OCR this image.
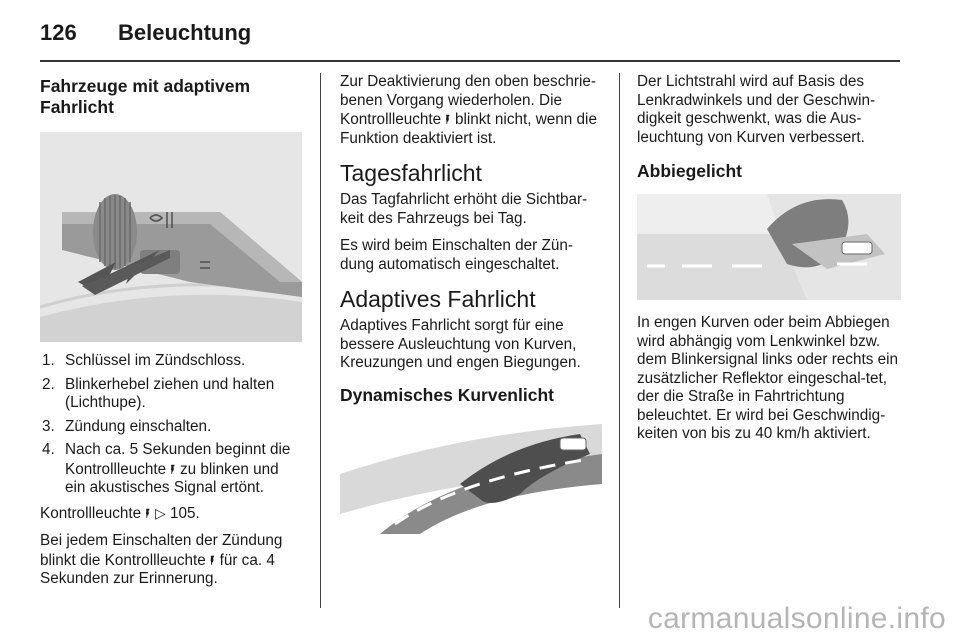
126 Beleuchtung
Fahrzeuge mit adaptivem Fahrlicht
1. Schlüssel im Zündschloss.
2. Blinkerhebel ziehen und halten (Lichthupe).
3. Zündung einschalten.
4. Nach ca. 5 Sekunden beginnt die Kontrollleuchte 🖡 zu blinken und ein akustisches Signal ertönt.

Kontrollleuchte 🖡 ▷ 105.

Bei jedem Einschalten der Zündung blinkt die Kontrollleuchte 🖡 für ca. 4 Sekunden zur Erinnerung.

Zur Deaktivierung den oben beschrie-benen Vorgang wiederholen. Die Kontrollleuchte 🖡 blinkt nicht, wenn die Funktion deaktiviert ist.

Tagesfahrlicht

Das Tagfahrlicht erhöht die Sichtbar-keit des Fahrzeugs bei Tag.

Es wird beim Einschalten der Zün-dung automatisch eingeschaltet.

Adaptives Fahrlicht

Adaptives Fahrlicht sorgt für eine bessere Ausleuchtung von Kurven, Kreuzungen und engen Biegungen.

Dynamisches Kurvenlicht

Der Lichtstrahl wird auf Basis des Lenkradwinkels und der Geschwin-digkeit geschwenkt, was die Aus-leuchtung von Kurven verbessert.

Abbiegelicht

In engen Kurven oder beim Abbiegen wird abhängig vom Lenkwinkel bzw. dem Blinkersignal links oder rechts ein zusätzlicher Reflektor eingeschal-tet, der die Straße in Fahrtrichtung beleuchtet. Er wird bei Geschwindig-keiten von bis zu 40 km/h aktiviert.

carmanualsonline.info
